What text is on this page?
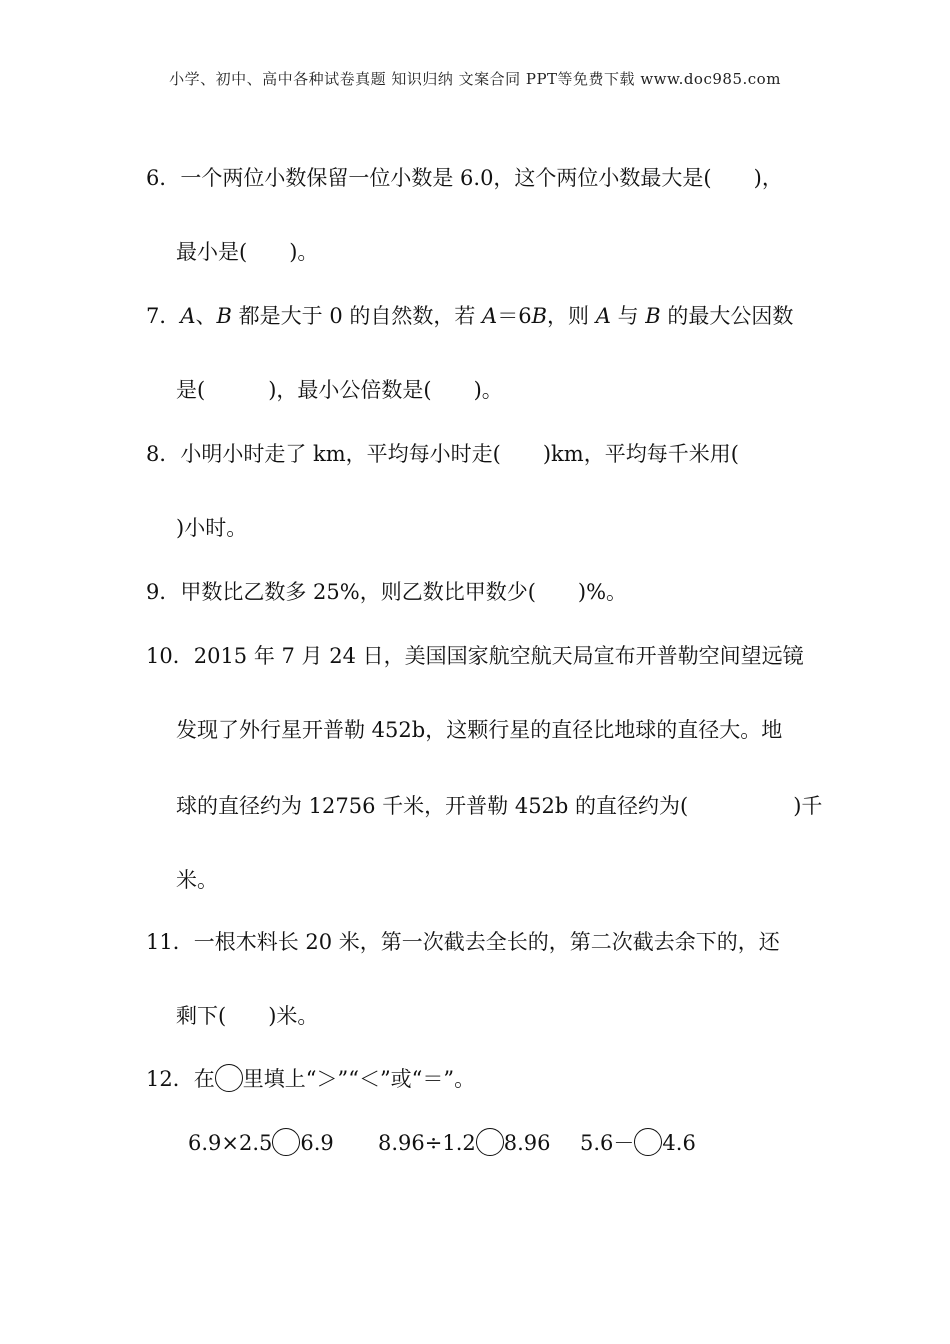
小学、初中、高中各种试卷真题 知识归纳 文案合同 PPT等免费下载 www.doc985.com
6．一个两位小数保留一位小数是 6.0，这个两位小数最大是(　　)，
最小是(　　)。
7．A、B 都是大于 0 的自然数，若 A＝6B，则 A 与 B 的最大公因数
是(　　　)，最小公倍数是(　　)。
8．小明小时走了 km，平均每小时走(　　)km，平均每千米用(
)小时。
9．甲数比乙数多 25%，则乙数比甲数少(　　)%。
10．2015 年 7 月 24 日，美国国家航空航天局宣布开普勒空间望远镜
发现了外行星开普勒 452b，这颗行星的直径比地球的直径大。地
球的直径约为 12756 千米，开普勒 452b 的直径约为(　　　　　)千
米。
11．一根木料长 20 米，第一次截去全长的，第二次截去余下的，还
剩下(　　)米。
12．在 里填上“＞”“＜”或“＝”。
6.9×2.5 6.9 8.96÷1.2 8.96 5.6－ 4.6
